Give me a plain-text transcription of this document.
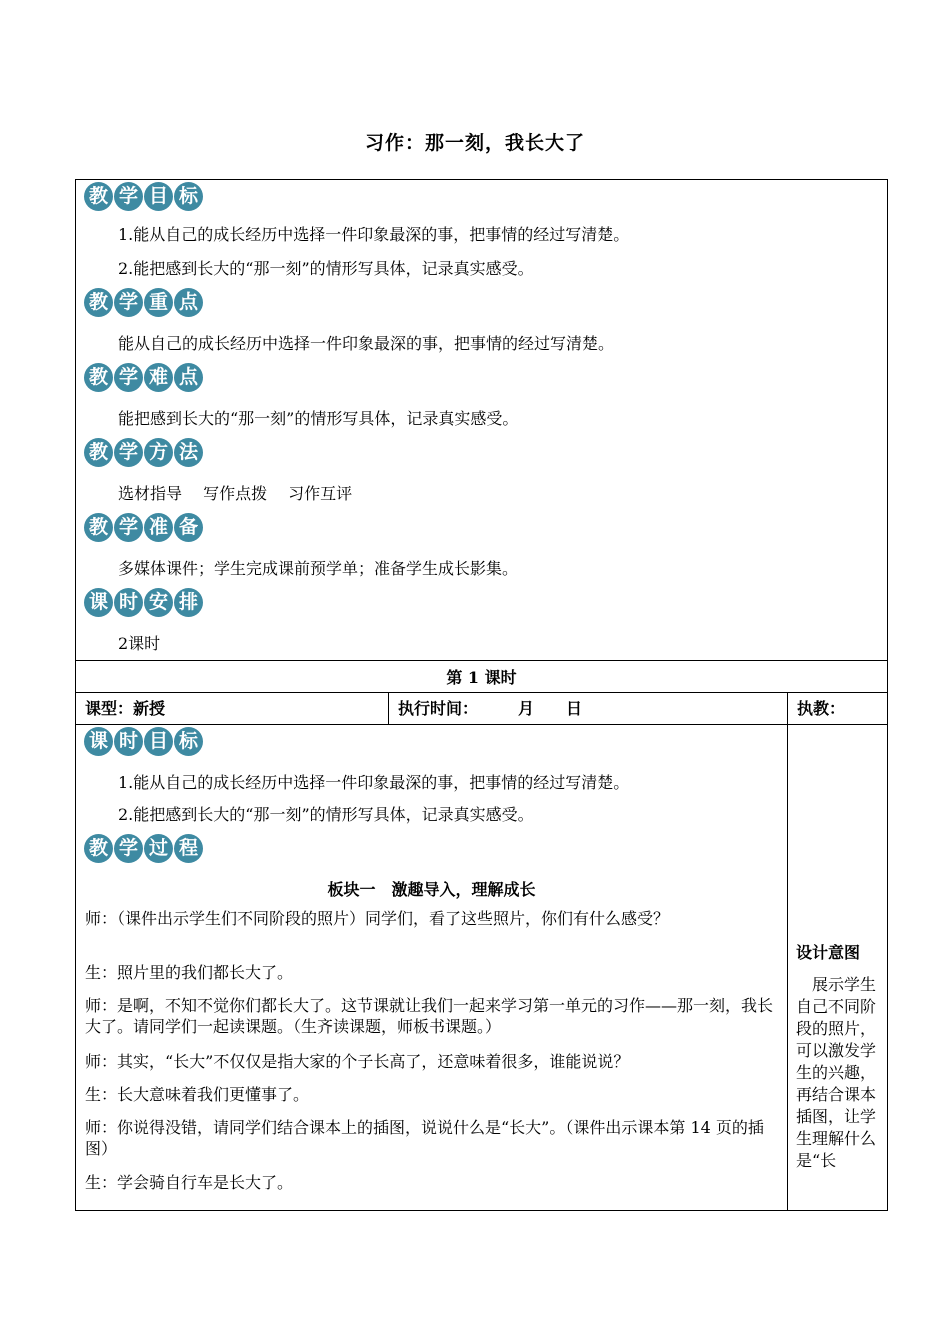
习作：那一刻，我长大了
教 学 目 标
1.能从自己的成长经历中选择一件印象最深的事，把事情的经过写清楚。
2.能把感到长大的“那一刻”的情形写具体，记录真实感受。
教 学 重 点
能从自己的成长经历中选择一件印象最深的事，把事情的经过写清楚。
教 学 难 点
能把感到长大的“那一刻”的情形写具体，记录真实感受。
教 学 方 法
选材指导　 写作点拨　 习作互评
教 学 准 备
多媒体课件；学生完成课前预学单；准备学生成长影集。
课 时 安 排
2课时
第 1 课时
课型：新授	执行时间：　　　月　　日	执教：
课 时 目 标
1.能从自己的成长经历中选择一件印象最深的事，把事情的经过写清楚。
2.能把感到长大的“那一刻”的情形写具体，记录真实感受。
教 学 过 程
板块一　激趣导入，理解成长
师：（课件出示学生们不同阶段的照片）同学们，看了这些照片，你们有什么感受？
生：照片里的我们都长大了。
师：是啊，不知不觉你们都长大了。这节课就让我们一起来学习第一单元的习作——那一刻，我长大了。请同学们一起读课题。（生齐读课题，师板书课题。）
师：其实，“长大”不仅仅是指大家的个子长高了，还意味着很多，谁能说说？
生：长大意味着我们更懂事了。
师：你说得没错，请同学们结合课本上的插图，说说什么是“长大”。（课件出示课本第 14 页的插图）
生：学会骑自行车是长大了。
设计意图
　展示学生自己不同阶段的照片，可以激发学生的兴趣，再结合课本插图，让学生理解什么是“长
